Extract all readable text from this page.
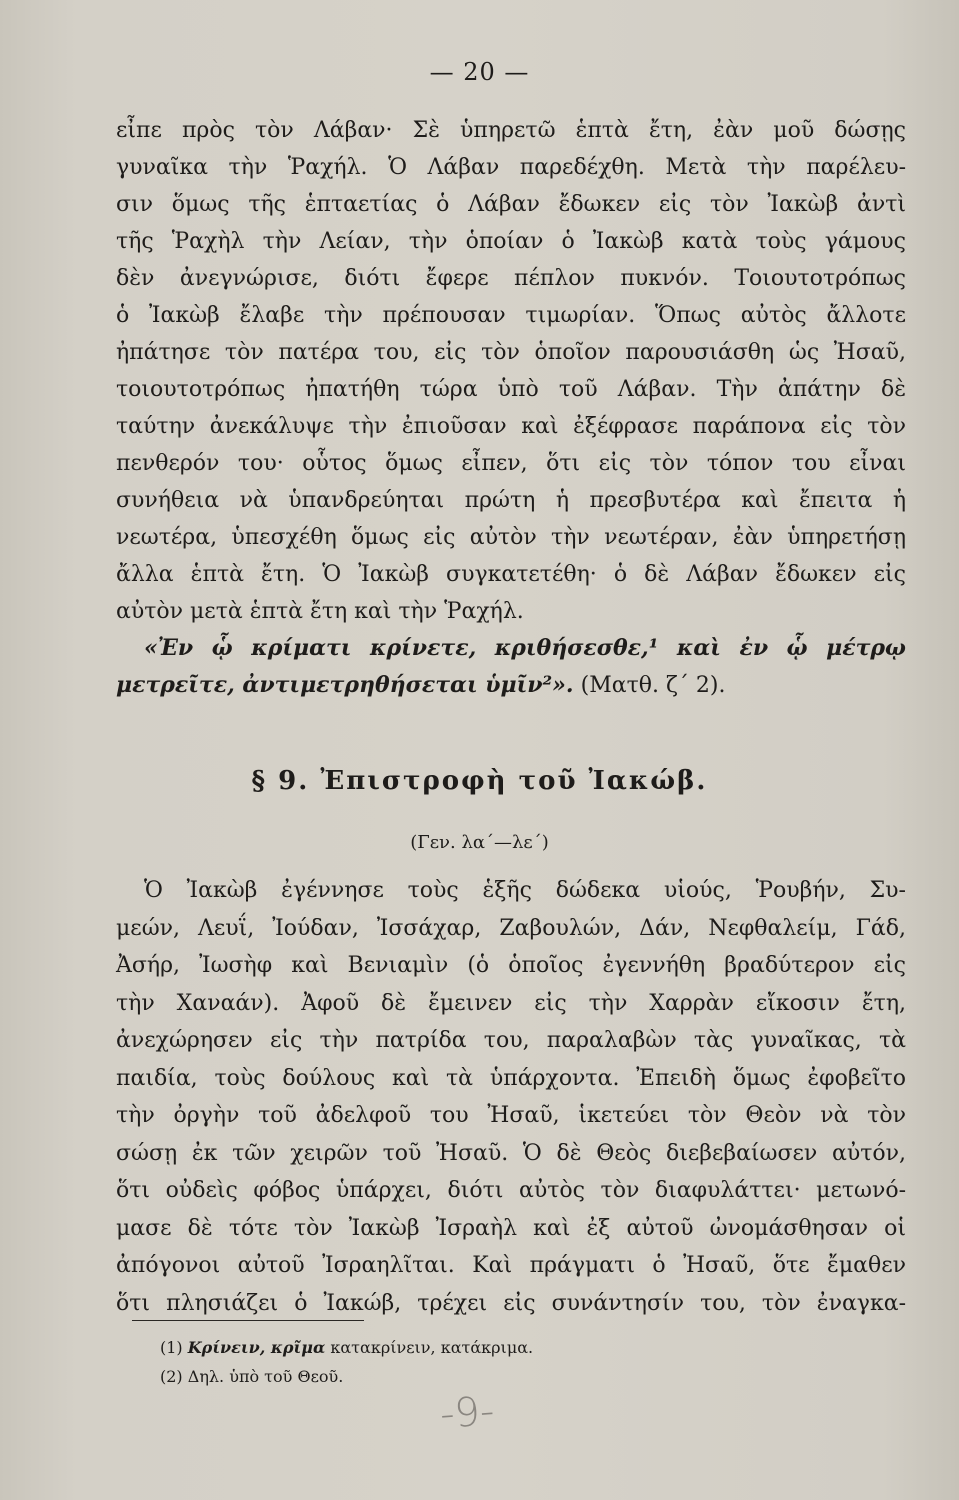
— 20 —
εἶπε πρὸς τὸν Λάβαν· Σὲ ὑπηρετῶ ἑπτὰ ἔτη, ἐὰν μοῦ δώσῃς
γυναῖκα τὴν Ῥαχήλ. Ὁ Λάβαν παρεδέχθη. Μετὰ τὴν παρέλευ-
σιν ὅμως τῆς ἑπταετίας ὁ Λάβαν ἔδωκεν εἰς τὸν Ἰακὼβ ἀντὶ
τῆς Ῥαχὴλ τὴν Λείαν, τὴν ὁποίαν ὁ Ἰακὼβ κατὰ τοὺς γάμους
δὲν ἀνεγνώρισε, διότι ἔφερε πέπλον πυκνόν. Τοιουτοτρόπως
ὁ Ἰακὼβ ἔλαβε τὴν πρέπουσαν τιμωρίαν. Ὅπως αὐτὸς ἄλλοτε
ἠπάτησε τὸν πατέρα του, εἰς τὸν ὁποῖον παρουσιάσθη ὡς Ἠσαῦ,
τοιουτοτρόπως ἠπατήθη τώρα ὑπὸ τοῦ Λάβαν. Τὴν ἀπάτην δὲ
ταύτην ἀνεκάλυψε τὴν ἐπιοῦσαν καὶ ἐξέφρασε παράπονα εἰς τὸν
πενθερόν του· οὗτος ὅμως εἶπεν, ὅτι εἰς τὸν τόπον του εἶναι
συνήθεια νὰ ὑπανδρεύηται πρώτη ἡ πρεσβυτέρα καὶ ἔπειτα ἡ
νεωτέρα, ὑπεσχέθη ὅμως εἰς αὐτὸν τὴν νεωτέραν, ἐὰν ὑπηρετήσῃ
ἄλλα ἑπτὰ ἔτη. Ὁ Ἰακὼβ συγκατετέθη· ὁ δὲ Λάβαν ἔδωκεν εἰς
αὐτὸν μετὰ ἑπτὰ ἔτη καὶ τὴν Ῥαχήλ.
«Ἐν ᾧ κρίματι κρίνετε, κριθήσεσθε,¹ καὶ ἐν ᾧ μέτρῳ
μετρεῖτε, ἀντιμετρηθήσεται ὑμῖν²». (Ματθ. ζ΄ 2).
§ 9. Ἐπιστροφὴ τοῦ Ἰακώβ.
(Γεν. λα΄—λε΄)
Ὁ Ἰακὼβ ἐγέννησε τοὺς ἑξῆς δώδεκα υἱούς, Ῥουβήν, Συ-
μεών, Λευΐ, Ἰούδαν, Ἰσσάχαρ, Ζαβουλών, Δάν, Νεφθαλείμ, Γάδ,
Ἀσήρ, Ἰωσὴφ καὶ Βενιαμὶν (ὁ ὁποῖος ἐγεννήθη βραδύτερον εἰς
τὴν Χαναάν). Ἀφοῦ δὲ ἔμεινεν εἰς τὴν Χαρρὰν εἴκοσιν ἔτη,
ἀνεχώρησεν εἰς τὴν πατρίδα του, παραλαβὼν τὰς γυναῖκας, τὰ
παιδία, τοὺς δούλους καὶ τὰ ὑπάρχοντα. Ἐπειδὴ ὅμως ἐφοβεῖτο
τὴν ὀργὴν τοῦ ἀδελφοῦ του Ἠσαῦ, ἱκετεύει τὸν Θεὸν νὰ τὸν
σώσῃ ἐκ τῶν χειρῶν τοῦ Ἠσαῦ. Ὁ δὲ Θεὸς διεβεβαίωσεν αὐτόν,
ὅτι οὐδεὶς φόβος ὑπάρχει, διότι αὐτὸς τὸν διαφυλάττει· μετωνό-
μασε δὲ τότε τὸν Ἰακὼβ Ἰσραὴλ καὶ ἐξ αὐτοῦ ὠνομάσθησαν οἱ
ἀπόγονοι αὐτοῦ Ἰσραηλῖται. Καὶ πράγματι ὁ Ἠσαῦ, ὅτε ἔμαθεν
ὅτι πλησιάζει ὁ Ἰακώβ, τρέχει εἰς συνάντησίν του, τὸν ἐναγκα-
(1) Κρίνειν, κρῖμα κατακρίνειν, κατάκριμα.
(2) Δηλ. ὑπὸ τοῦ Θεοῦ.
-9-
